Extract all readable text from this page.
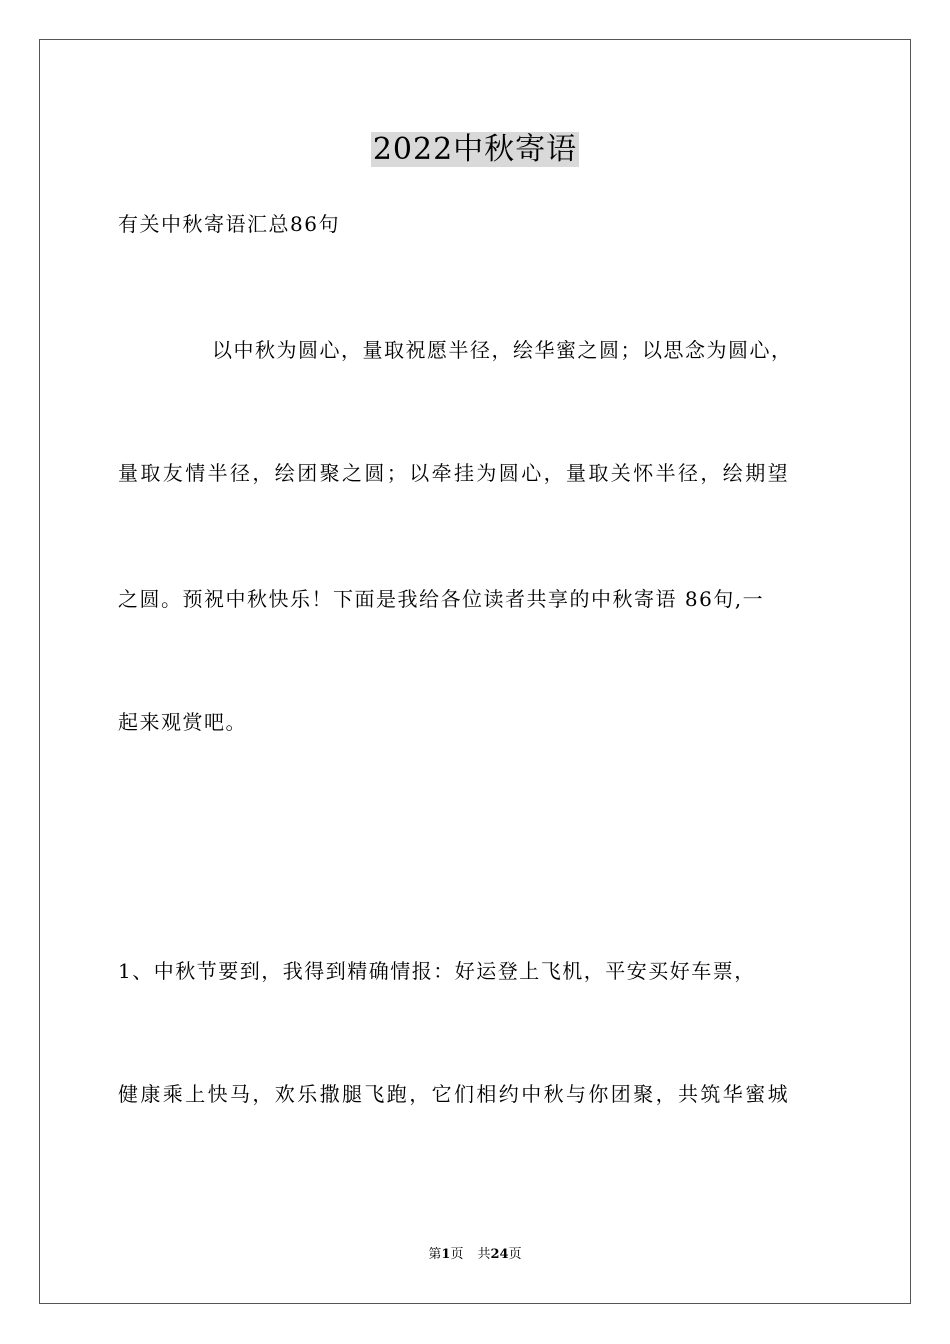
2022中秋寄语
有关中秋寄语汇总86句
以中秋为圆心，量取祝愿半径，绘华蜜之圆；以思念为圆心，
量取友情半径，绘团聚之圆；以牵挂为圆心，量取关怀半径，绘期望
之圆。预祝中秋快乐！下面是我给各位读者共享的中秋寄语 86句,一
起来观赏吧。
1、中秋节要到，我得到精确情报：好运登上飞机，平安买好车票，
健康乘上快马，欢乐撒腿飞跑，它们相约中秋与你团聚，共筑华蜜城
第1页 共24页
